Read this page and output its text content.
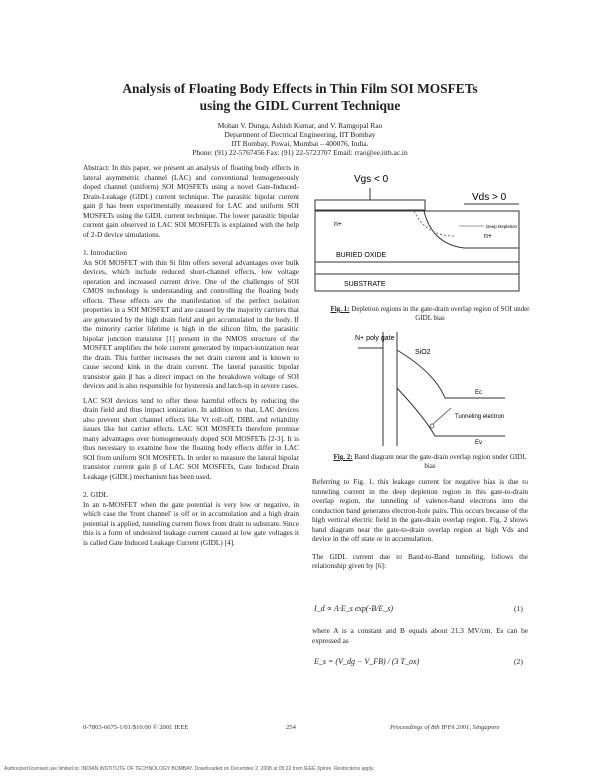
Analysis of Floating Body Effects in Thin Film SOI MOSFETs
using the GIDL Current Technique
Mohan V. Dunga, Ashish Kumar, and V. Ramgopal Rao
Department of Electrical Engineering, IIT Bombay
IIT Bombay, Powai, Mumbai – 400076, India.
Phone: (91) 22-5767456 Fax: (91) 22-5723707 Email: rrao@ee.iitb.ac.in

Abstract: In this paper, we present an analysis of floating body effects in lateral asymmetric channel (LAC) and conventional homogeneously doped channel (uniform) SOI MOSFETs using a novel Gate-Induced-Drain-Leakage (GIDL) current technique. The parasitic bipolar current gain β has been experimentally measured for LAC and uniform SOI MOSFETs using the GIDL current technique. The lower parasitic bipolar current gain observed in LAC SOI MOSFETs is explained with the help of 2-D device simulations.

1. Introduction

An SOI MOSFET with thin Si film offers several advantages over bulk devices, which include reduced short-channel effects, low voltage operation and increased current drive. One of the challenges of SOI CMOS technology is understanding and controlling the floating body effects. These effects are the manifestation of the perfect isolation properties in a SOI MOSFET and are caused by the majority carriers that are generated by the high drain field and get accumulated in the body. If the minority carrier lifetime is high in the silicon film, the parasitic bipolar junction transistor [1] present in the NMOS structure of the MOSFET amplifies the hole current generated by impact-ionization near the drain. This further increases the net drain current and is known to cause second kink in the drain current. The lateral parasitic bipolar transistor gain β has a direct impact on the breakdown voltage of SOI devices and is also responsible for hysteresis and latch-up in severe cases.

LAC SOI devices tend to offer these harmful effects by reducing the drain field and thus impact ionization. In addition to that, LAC devices also prevent short channel effects like Vt roll-off, DIBL and reliability issues like hot carrier effects. LAC SOI MOSFETs therefore promise many advantages over homogeneously doped SOI MOSFETs [2-3]. It is thus necessary to examine how the floating body effects differ in LAC SOI from uniform SOI MOSFETs. In order to measure the lateral bipolar transistor current gain β of LAC SOI MOSFETs, Gate Induced Drain Leakage (GIDL) mechanism has been used.

2. GIDL

In an n-MOSFET when the gate potential is very low or negative, in which case the 'front channel' is off or in accumulation and a high drain potential is applied, tunneling current flows from drain to substrate. Since this is a form of undesired leakage current caused at low gate voltages it is called Gate Induced Leakage Current (GIDL) [4].

Vgs < 0
Vds > 0
n+
n+
Deep Depletion
BURIED OXIDE
SUBSTRATE
Fig. 1: Depletion regions in the gate-drain overlap region of SOI under GIDL bias
N+ poly gate
SiO2
Tunneling electron
Ec
Ev
Fig. 2: Band diagram near the gate-drain overlap region under GIDL bias

Referring to Fig. 1, this leakage current for negative bias is due to tunneling current in the deep depletion region in this gate-to-drain overlap region, the tunneling of valence-band electrons into the conduction band generates electron-hole pairs. This occurs because of the high vertical electric field in the gate-drain overlap region. Fig. 2 shows band diagram near the gate-to-drain overlap region at high Vds and device in the off state or in accumulation.

The GIDL current due to Band-to-Band tunneling, follows the relationship given by [6]:

I_d ∝ A·E_s exp(-B/E_s)	(1)
where A is a constant and B equals about 21.3 MV/cm. Es can be expressed as
E_s = (V_dg − V_FB) / (3 T_ox)	(2)
0-7803-6675-1/01/$10.00 © 2001 IEEE	254	Proceedings of 8th IPFA 2001, Singapore
Authorized licensed use limited to: INDIAN INSTITUTE OF TECHNOLOGY BOMBAY. Downloaded on December 2, 2008 at 05:22 from IEEE Xplore. Restrictions apply.
